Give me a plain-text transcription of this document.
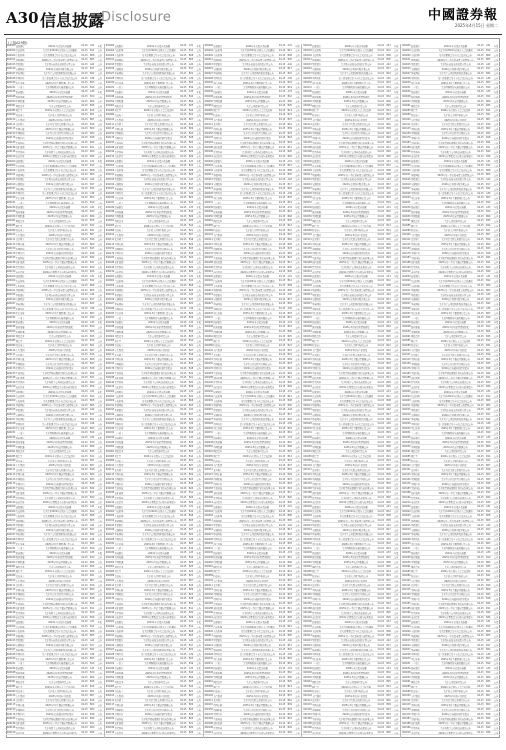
A30 信息披露
Disclosure	中國證券報
2025年4月15日 星期二
(上接A29版)
600000 浦发银行	2024年年度报告及摘要	04-15	A31	年报
600004 白云机场	关于召开2024年度股东大会的通知	04-15	B12	公告
600009 上海机场	第九届董事会第十次会议决议公告	04-15	B08	公告
600011 华能国际	2025年第一季度发电量完成情况公告	04-15	B05	公告
600015 华夏银行	关于股东权益变动的提示性公告	04-15	A42	公告
600019 宝钢股份	2024年度利润分配方案公告	04-15	B17	公告
600027 华电国际	关于为子公司提供担保的进展公告	04-15	B22	公告
600028 中国石化	第八届监事会第十五次会议决议公告	04-15	A36	公告
600030 中信证券	2025年3月主要财务信息公告	04-15	B03	公告
600031 三一重工	关于回购股份实施进展的公告	04-15	B19	公告
600036 招商银行	2024年年度报告摘要	04-15	A33	年报
600048 保利发展	2025年3月份销售情况简报	04-15	B10	公告
600050 中国联通	2025年3月运营数据公告	04-15	B06	公告
600061 国投资本	关于公司债券付息公告	04-15	B25	公告
600085 同仁堂	2024年年度股东大会会议资料	04-15	B14	公告
600089 特变电工	关于重大合同中标的公告	04-15	B21	公告
600104 上汽集团	2025年3月份产销快报	04-15	B07	公告
600111 北方稀土	关于日常关联交易预计的公告	04-15	B16	公告
600115 中国东航	2025年3月主要运营数据公告	04-15	B09	公告
600150 中国船舶	关于签订日常经营合同的公告	04-15	B23	公告
600176 中国巨石	2024年度内部控制评价报告	04-15	B18	公告
600183 生益科技	关于股票期权激励计划行权结果公告	04-15	B24	公告
600188 兖矿能源	2025年第一季度主要运营数据公告	04-15	B11	公告
600196 复星医药	关于控股子公司药品获批的公告	04-15	B20	公告
600219 南山铝业	2024年度募集资金存放与使用报告	04-15	B26	公告
600000 浦发银行	2024年年度报告及摘要	04-15	A31	年报
600004 白云机场	关于召开2024年度股东大会的通知	04-15	B12	公告
600009 上海机场	第九届董事会第十次会议决议公告	04-15	B08	公告
600011 华能国际	2025年第一季度发电量完成情况公告	04-15	B05	公告
600015 华夏银行	关于股东权益变动的提示性公告	04-15	A42	公告
600019 宝钢股份	2024年度利润分配方案公告	04-15	B17	公告
600027 华电国际	关于为子公司提供担保的进展公告	04-15	B22	公告
600028 中国石化	第八届监事会第十五次会议决议公告	04-15	A36	公告
600030 中信证券	2025年3月主要财务信息公告	04-15	B03	公告
600031 三一重工	关于回购股份实施进展的公告	04-15	B19	公告
600036 招商银行	2024年年度报告摘要	04-15	A33	年报
600048 保利发展	2025年3月份销售情况简报	04-15	B10	公告
600050 中国联通	2025年3月运营数据公告	04-15	B06	公告
600061 国投资本	关于公司债券付息公告	04-15	B25	公告
600085 同仁堂	2024年年度股东大会会议资料	04-15	B14	公告
600089 特变电工	关于重大合同中标的公告	04-15	B21	公告
600104 上汽集团	2025年3月份产销快报	04-15	B07	公告
600111 北方稀土	关于日常关联交易预计的公告	04-15	B16	公告
600115 中国东航	2025年3月主要运营数据公告	04-15	B09	公告
600150 中国船舶	关于签订日常经营合同的公告	04-15	B23	公告
600176 中国巨石	2024年度内部控制评价报告	04-15	B18	公告
600183 生益科技	关于股票期权激励计划行权结果公告	04-15	B24	公告
600188 兖矿能源	2025年第一季度主要运营数据公告	04-15	B11	公告
600196 复星医药	关于控股子公司药品获批的公告	04-15	B20	公告
600219 南山铝业	2024年度募集资金存放与使用报告	04-15	B26	公告
600000 浦发银行	2024年年度报告及摘要	04-15	A31	年报
600004 白云机场	关于召开2024年度股东大会的通知	04-15	B12	公告
600009 上海机场	第九届董事会第十次会议决议公告	04-15	B08	公告
600011 华能国际	2025年第一季度发电量完成情况公告	04-15	B05	公告
600015 华夏银行	关于股东权益变动的提示性公告	04-15	A42	公告
600019 宝钢股份	2024年度利润分配方案公告	04-15	B17	公告
600027 华电国际	关于为子公司提供担保的进展公告	04-15	B22	公告
600028 中国石化	第八届监事会第十五次会议决议公告	04-15	A36	公告
600030 中信证券	2025年3月主要财务信息公告	04-15	B03	公告
600031 三一重工	关于回购股份实施进展的公告	04-15	B19	公告
600036 招商银行	2024年年度报告摘要	04-15	A33	年报
600048 保利发展	2025年3月份销售情况简报	04-15	B10	公告
600050 中国联通	2025年3月运营数据公告	04-15	B06	公告
600061 国投资本	关于公司债券付息公告	04-15	B25	公告
600085 同仁堂	2024年年度股东大会会议资料	04-15	B14	公告
600089 特变电工	关于重大合同中标的公告	04-15	B21	公告
600104 上汽集团	2025年3月份产销快报	04-15	B07	公告
600111 北方稀土	关于日常关联交易预计的公告	04-15	B16	公告
600115 中国东航	2025年3月主要运营数据公告	04-15	B09	公告
600150 中国船舶	关于签订日常经营合同的公告	04-15	B23	公告
600176 中国巨石	2024年度内部控制评价报告	04-15	B18	公告
600183 生益科技	关于股票期权激励计划行权结果公告	04-15	B24	公告
600188 兖矿能源	2025年第一季度主要运营数据公告	04-15	B11	公告
600196 复星医药	关于控股子公司药品获批的公告	04-15	B20	公告
600219 南山铝业	2024年度募集资金存放与使用报告	04-15	B26	公告
600000 浦发银行	2024年年度报告及摘要	04-15	A31	年报
600004 白云机场	关于召开2024年度股东大会的通知	04-15	B12	公告
600009 上海机场	第九届董事会第十次会议决议公告	04-15	B08	公告
600011 华能国际	2025年第一季度发电量完成情况公告	04-15	B05	公告
600015 华夏银行	关于股东权益变动的提示性公告	04-15	A42	公告
600019 宝钢股份	2024年度利润分配方案公告	04-15	B17	公告
600027 华电国际	关于为子公司提供担保的进展公告	04-15	B22	公告
600028 中国石化	第八届监事会第十五次会议决议公告	04-15	A36	公告
600030 中信证券	2025年3月主要财务信息公告	04-15	B03	公告
600031 三一重工	关于回购股份实施进展的公告	04-15	B19	公告
600036 招商银行	2024年年度报告摘要	04-15	A33	年报
600048 保利发展	2025年3月份销售情况简报	04-15	B10	公告
600050 中国联通	2025年3月运营数据公告	04-15	B06	公告
600061 国投资本	关于公司债券付息公告	04-15	B25	公告
600085 同仁堂	2024年年度股东大会会议资料	04-15	B14	公告
600089 特变电工	关于重大合同中标的公告	04-15	B21	公告
600104 上汽集团	2025年3月份产销快报	04-15	B07	公告
600111 北方稀土	关于日常关联交易预计的公告	04-15	B16	公告
600115 中国东航	2025年3月主要运营数据公告	04-15	B09	公告
600150 中国船舶	关于签订日常经营合同的公告	04-15	B23	公告
600176 中国巨石	2024年度内部控制评价报告	04-15	B18	公告
600183 生益科技	关于股票期权激励计划行权结果公告	04-15	B24	公告
600188 兖矿能源	2025年第一季度主要运营数据公告	04-15	B11	公告
600196 复星医药	关于控股子公司药品获批的公告	04-15	B20	公告
600219 南山铝业	2024年度募集资金存放与使用报告	04-15	B26	公告
600000 浦发银行	2024年年度报告及摘要	04-15	A31	年报
600004 白云机场	关于召开2024年度股东大会的通知	04-15	B12	公告
600009 上海机场	第九届董事会第十次会议决议公告	04-15	B08	公告
600011 华能国际	2025年第一季度发电量完成情况公告	04-15	B05	公告
600015 华夏银行	关于股东权益变动的提示性公告	04-15	A42	公告
600019 宝钢股份	2024年度利润分配方案公告	04-15	B17	公告
600027 华电国际	关于为子公司提供担保的进展公告	04-15	B22	公告
600028 中国石化	第八届监事会第十五次会议决议公告	04-15	A36	公告
600030 中信证券	2025年3月主要财务信息公告	04-15	B03	公告
600031 三一重工	关于回购股份实施进展的公告	04-15	B19	公告
600036 招商银行	2024年年度报告摘要	04-15	A33	年报
600048 保利发展	2025年3月份销售情况简报	04-15	B10	公告
600050 中国联通	2025年3月运营数据公告	04-15	B06	公告
600061 国投资本	关于公司债券付息公告	04-15	B25	公告
600085 同仁堂	2024年年度股东大会会议资料	04-15	B14	公告
600089 特变电工	关于重大合同中标的公告	04-15	B21	公告
600104 上汽集团	2025年3月份产销快报	04-15	B07	公告
600111 北方稀土	关于日常关联交易预计的公告	04-15	B16	公告
600115 中国东航	2025年3月主要运营数据公告	04-15	B09	公告
600150 中国船舶	关于签订日常经营合同的公告	04-15	B23	公告
600176 中国巨石	2024年度内部控制评价报告	04-15	B18	公告
600183 生益科技	关于股票期权激励计划行权结果公告	04-15	B24	公告
600188 兖矿能源	2025年第一季度主要运营数据公告	04-15	B11	公告
600196 复星医药	关于控股子公司药品获批的公告	04-15	B20	公告
600219 南山铝业	2024年度募集资金存放与使用报告	04-15	B26	公告
600000 浦发银行	2024年年度报告及摘要	04-15	A31	年报
600004 白云机场	关于召开2024年度股东大会的通知	04-15	B12	公告
600009 上海机场	第九届董事会第十次会议决议公告	04-15	B08	公告
600011 华能国际	2025年第一季度发电量完成情况公告	04-15	B05	公告
600015 华夏银行	关于股东权益变动的提示性公告	04-15	A42	公告
600019 宝钢股份	2024年度利润分配方案公告	04-15	B17	公告
600027 华电国际	关于为子公司提供担保的进展公告	04-15	B22	公告
600028 中国石化	第八届监事会第十五次会议决议公告	04-15	A36	公告
600030 中信证券	2025年3月主要财务信息公告	04-15	B03	公告
600031 三一重工	关于回购股份实施进展的公告	04-15	B19	公告
600036 招商银行	2024年年度报告摘要	04-15	A33	年报
600048 保利发展	2025年3月份销售情况简报	04-15	B10	公告
600050 中国联通	2025年3月运营数据公告	04-15	B06	公告
600061 国投资本	关于公司债券付息公告	04-15	B25	公告
600085 同仁堂	2024年年度股东大会会议资料	04-15	B14	公告
600089 特变电工	关于重大合同中标的公告	04-15	B21	公告
600104 上汽集团	2025年3月份产销快报	04-15	B07	公告
600111 北方稀土	关于日常关联交易预计的公告	04-15	B16	公告
600115 中国东航	2025年3月主要运营数据公告	04-15	B09	公告
600150 中国船舶	关于签订日常经营合同的公告	04-15	B23	公告
600176 中国巨石	2024年度内部控制评价报告	04-15	B18	公告
600183 生益科技	关于股票期权激励计划行权结果公告	04-15	B24	公告
600188 兖矿能源	2025年第一季度主要运营数据公告	04-15	B11	公告
600196 复星医药	关于控股子公司药品获批的公告	04-15	B20	公告
600219 南山铝业	2024年度募集资金存放与使用报告	04-15	B26	公告
600000 浦发银行	2024年年度报告及摘要	04-15	A31	年报
600004 白云机场	关于召开2024年度股东大会的通知	04-15	B12	公告
600009 上海机场	第九届董事会第十次会议决议公告	04-15	B08	公告
600011 华能国际	2025年第一季度发电量完成情况公告	04-15	B05	公告
600015 华夏银行	关于股东权益变动的提示性公告	04-15	A42	公告
600019 宝钢股份	2024年度利润分配方案公告	04-15	B17	公告
600027 华电国际	关于为子公司提供担保的进展公告	04-15	B22	公告
600028 中国石化	第八届监事会第十五次会议决议公告	04-15	A36	公告
600030 中信证券	2025年3月主要财务信息公告	04-15	B03	公告
600031 三一重工	关于回购股份实施进展的公告	04-15	B19	公告
600036 招商银行	2024年年度报告摘要	04-15	A33	年报
600048 保利发展	2025年3月份销售情况简报	04-15	B10	公告
600050 中国联通	2025年3月运营数据公告	04-15	B06	公告
600061 国投资本	关于公司债券付息公告	04-15	B25	公告
600085 同仁堂	2024年年度股东大会会议资料	04-15	B14	公告
600089 特变电工	关于重大合同中标的公告	04-15	B21	公告
600104 上汽集团	2025年3月份产销快报	04-15	B07	公告
600111 北方稀土	关于日常关联交易预计的公告	04-15	B16	公告
600115 中国东航	2025年3月主要运营数据公告	04-15	B09	公告
600150 中国船舶	关于签订日常经营合同的公告	04-15	B23	公告
600176 中国巨石	2024年度内部控制评价报告	04-15	B18	公告
600183 生益科技	关于股票期权激励计划行权结果公告	04-15	B24	公告
600188 兖矿能源	2025年第一季度主要运营数据公告	04-15	B11	公告
600196 复星医药	关于控股子公司药品获批的公告	04-15	B20	公告
600219 南山铝业	2024年度募集资金存放与使用报告	04-15	B26	公告
600000 浦发银行	2024年年度报告及摘要	04-15	A31	年报
600004 白云机场	关于召开2024年度股东大会的通知	04-15	B12	公告
600009 上海机场	第九届董事会第十次会议决议公告	04-15	B08	公告
600011 华能国际	2025年第一季度发电量完成情况公告	04-15	B05	公告
600015 华夏银行	关于股东权益变动的提示性公告	04-15	A42	公告
600019 宝钢股份	2024年度利润分配方案公告	04-15	B17	公告
600027 华电国际	关于为子公司提供担保的进展公告	04-15	B22	公告
600028 中国石化	第八届监事会第十五次会议决议公告	04-15	A36	公告
600030 中信证券	2025年3月主要财务信息公告	04-15	B03	公告
600031 三一重工	关于回购股份实施进展的公告	04-15	B19	公告
600036 招商银行	2024年年度报告摘要	04-15	A33	年报
600048 保利发展	2025年3月份销售情况简报	04-15	B10	公告
600050 中国联通	2025年3月运营数据公告	04-15	B06	公告
600061 国投资本	关于公司债券付息公告	04-15	B25	公告
600085 同仁堂	2024年年度股东大会会议资料	04-15	B14	公告
600089 特变电工	关于重大合同中标的公告	04-15	B21	公告
600104 上汽集团	2025年3月份产销快报	04-15	B07	公告
600111 北方稀土	关于日常关联交易预计的公告	04-15	B16	公告
600115 中国东航	2025年3月主要运营数据公告	04-15	B09	公告
600150 中国船舶	关于签订日常经营合同的公告	04-15	B23	公告
600176 中国巨石	2024年度内部控制评价报告	04-15	B18	公告
600183 生益科技	关于股票期权激励计划行权结果公告	04-15	B24	公告
600188 兖矿能源	2025年第一季度主要运营数据公告	04-15	B11	公告
600196 复星医药	关于控股子公司药品获批的公告	04-15	B20	公告
600219 南山铝业	2024年度募集资金存放与使用报告	04-15	B26	公告
600000 浦发银行	2024年年度报告及摘要	04-15	A31	年报
600004 白云机场	关于召开2024年度股东大会的通知	04-15	B12	公告
600009 上海机场	第九届董事会第十次会议决议公告	04-15	B08	公告
600011 华能国际	2025年第一季度发电量完成情况公告	04-15	B05	公告
600015 华夏银行	关于股东权益变动的提示性公告	04-15	A42	公告
600019 宝钢股份	2024年度利润分配方案公告	04-15	B17	公告
600027 华电国际	关于为子公司提供担保的进展公告	04-15	B22	公告
600028 中国石化	第八届监事会第十五次会议决议公告	04-15	A36	公告
600030 中信证券	2025年3月主要财务信息公告	04-15	B03	公告
600031 三一重工	关于回购股份实施进展的公告	04-15	B19	公告
600036 招商银行	2024年年度报告摘要	04-15	A33	年报
600048 保利发展	2025年3月份销售情况简报	04-15	B10	公告
600050 中国联通	2025年3月运营数据公告	04-15	B06	公告
600061 国投资本	关于公司债券付息公告	04-15	B25	公告
600085 同仁堂	2024年年度股东大会会议资料	04-15	B14	公告
600089 特变电工	关于重大合同中标的公告	04-15	B21	公告
600104 上汽集团	2025年3月份产销快报	04-15	B07	公告
600111 北方稀土	关于日常关联交易预计的公告	04-15	B16	公告
600115 中国东航	2025年3月主要运营数据公告	04-15	B09	公告
600150 中国船舶	关于签订日常经营合同的公告	04-15	B23	公告
600176 中国巨石	2024年度内部控制评价报告	04-15	B18	公告
600183 生益科技	关于股票期权激励计划行权结果公告	04-15	B24	公告
600188 兖矿能源	2025年第一季度主要运营数据公告	04-15	B11	公告
600196 复星医药	关于控股子公司药品获批的公告	04-15	B20	公告
600219 南山铝业	2024年度募集资金存放与使用报告	04-15	B26	公告
600000 浦发银行	2024年年度报告及摘要	04-15	A31	年报
600004 白云机场	关于召开2024年度股东大会的通知	04-15	B12	公告
600009 上海机场	第九届董事会第十次会议决议公告	04-15	B08	公告
600011 华能国际	2025年第一季度发电量完成情况公告	04-15	B05	公告
600015 华夏银行	关于股东权益变动的提示性公告	04-15	A42	公告
600019 宝钢股份	2024年度利润分配方案公告	04-15	B17	公告
600027 华电国际	关于为子公司提供担保的进展公告	04-15	B22	公告
600028 中国石化	第八届监事会第十五次会议决议公告	04-15	A36	公告
600030 中信证券	2025年3月主要财务信息公告	04-15	B03	公告
600031 三一重工	关于回购股份实施进展的公告	04-15	B19	公告
600036 招商银行	2024年年度报告摘要	04-15	A33	年报
600048 保利发展	2025年3月份销售情况简报	04-15	B10	公告
600050 中国联通	2025年3月运营数据公告	04-15	B06	公告
600061 国投资本	关于公司债券付息公告	04-15	B25	公告
600085 同仁堂	2024年年度股东大会会议资料	04-15	B14	公告
600089 特变电工	关于重大合同中标的公告	04-15	B21	公告
600104 上汽集团	2025年3月份产销快报	04-15	B07	公告
600111 北方稀土	关于日常关联交易预计的公告	04-15	B16	公告
600115 中国东航	2025年3月主要运营数据公告	04-15	B09	公告
600150 中国船舶	关于签订日常经营合同的公告	04-15	B23	公告
600176 中国巨石	2024年度内部控制评价报告	04-15	B18	公告
600183 生益科技	关于股票期权激励计划行权结果公告	04-15	B24	公告
600188 兖矿能源	2025年第一季度主要运营数据公告	04-15	B11	公告
600196 复星医药	关于控股子公司药品获批的公告	04-15	B20	公告
600219 南山铝业	2024年度募集资金存放与使用报告	04-15	B26	公告
600000 浦发银行	2024年年度报告及摘要	04-15	A31	年报
600004 白云机场	关于召开2024年度股东大会的通知	04-15	B12	公告
600009 上海机场	第九届董事会第十次会议决议公告	04-15	B08	公告
600011 华能国际	2025年第一季度发电量完成情况公告	04-15	B05	公告
600015 华夏银行	关于股东权益变动的提示性公告	04-15	A42	公告
600019 宝钢股份	2024年度利润分配方案公告	04-15	B17	公告
600027 华电国际	关于为子公司提供担保的进展公告	04-15	B22	公告
600028 中国石化	第八届监事会第十五次会议决议公告	04-15	A36	公告
600030 中信证券	2025年3月主要财务信息公告	04-15	B03	公告
600031 三一重工	关于回购股份实施进展的公告	04-15	B19	公告
600036 招商银行	2024年年度报告摘要	04-15	A33	年报
600048 保利发展	2025年3月份销售情况简报	04-15	B10	公告
600050 中国联通	2025年3月运营数据公告	04-15	B06	公告
600061 国投资本	关于公司债券付息公告	04-15	B25	公告
600085 同仁堂	2024年年度股东大会会议资料	04-15	B14	公告
600089 特变电工	关于重大合同中标的公告	04-15	B21	公告
600104 上汽集团	2025年3月份产销快报	04-15	B07	公告
600111 北方稀土	关于日常关联交易预计的公告	04-15	B16	公告
600115 中国东航	2025年3月主要运营数据公告	04-15	B09	公告
600150 中国船舶	关于签订日常经营合同的公告	04-15	B23	公告
600176 中国巨石	2024年度内部控制评价报告	04-15	B18	公告
600183 生益科技	关于股票期权激励计划行权结果公告	04-15	B24	公告
600188 兖矿能源	2025年第一季度主要运营数据公告	04-15	B11	公告
600196 复星医药	关于控股子公司药品获批的公告	04-15	B20	公告
600219 南山铝业	2024年度募集资金存放与使用报告	04-15	B26	公告
600000 浦发银行	2024年年度报告及摘要	04-15	A31	年报
600004 白云机场	关于召开2024年度股东大会的通知	04-15	B12	公告
600009 上海机场	第九届董事会第十次会议决议公告	04-15	B08	公告
600011 华能国际	2025年第一季度发电量完成情况公告	04-15	B05	公告
600015 华夏银行	关于股东权益变动的提示性公告	04-15	A42	公告
600019 宝钢股份	2024年度利润分配方案公告	04-15	B17	公告
600027 华电国际	关于为子公司提供担保的进展公告	04-15	B22	公告
600028 中国石化	第八届监事会第十五次会议决议公告	04-15	A36	公告
600030 中信证券	2025年3月主要财务信息公告	04-15	B03	公告
600031 三一重工	关于回购股份实施进展的公告	04-15	B19	公告
600036 招商银行	2024年年度报告摘要	04-15	A33	年报
600048 保利发展	2025年3月份销售情况简报	04-15	B10	公告
600050 中国联通	2025年3月运营数据公告	04-15	B06	公告
600061 国投资本	关于公司债券付息公告	04-15	B25	公告
600085 同仁堂	2024年年度股东大会会议资料	04-15	B14	公告
600089 特变电工	关于重大合同中标的公告	04-15	B21	公告
600104 上汽集团	2025年3月份产销快报	04-15	B07	公告
600111 北方稀土	关于日常关联交易预计的公告	04-15	B16	公告
600115 中国东航	2025年3月主要运营数据公告	04-15	B09	公告
600150 中国船舶	关于签订日常经营合同的公告	04-15	B23	公告
600176 中国巨石	2024年度内部控制评价报告	04-15	B18	公告
600183 生益科技	关于股票期权激励计划行权结果公告	04-15	B24	公告
600188 兖矿能源	2025年第一季度主要运营数据公告	04-15	B11	公告
600196 复星医药	关于控股子公司药品获批的公告	04-15	B20	公告
600219 南山铝业	2024年度募集资金存放与使用报告	04-15	B26	公告
600000 浦发银行	2024年年度报告及摘要	04-15	A31	年报
600004 白云机场	关于召开2024年度股东大会的通知	04-15	B12	公告
600009 上海机场	第九届董事会第十次会议决议公告	04-15	B08	公告
600011 华能国际	2025年第一季度发电量完成情况公告	04-15	B05	公告
600015 华夏银行	关于股东权益变动的提示性公告	04-15	A42	公告
600019 宝钢股份	2024年度利润分配方案公告	04-15	B17	公告
600027 华电国际	关于为子公司提供担保的进展公告	04-15	B22	公告
600028 中国石化	第八届监事会第十五次会议决议公告	04-15	A36	公告
600030 中信证券	2025年3月主要财务信息公告	04-15	B03	公告
600031 三一重工	关于回购股份实施进展的公告	04-15	B19	公告
600036 招商银行	2024年年度报告摘要	04-15	A33	年报
600048 保利发展	2025年3月份销售情况简报	04-15	B10	公告
600050 中国联通	2025年3月运营数据公告	04-15	B06	公告
600061 国投资本	关于公司债券付息公告	04-15	B25	公告
600085 同仁堂	2024年年度股东大会会议资料	04-15	B14	公告
600089 特变电工	关于重大合同中标的公告	04-15	B21	公告
600104 上汽集团	2025年3月份产销快报	04-15	B07	公告
600111 北方稀土	关于日常关联交易预计的公告	04-15	B16	公告
600115 中国东航	2025年3月主要运营数据公告	04-15	B09	公告
600150 中国船舶	关于签订日常经营合同的公告	04-15	B23	公告
600176 中国巨石	2024年度内部控制评价报告	04-15	B18	公告
600183 生益科技	关于股票期权激励计划行权结果公告	04-15	B24	公告
600188 兖矿能源	2025年第一季度主要运营数据公告	04-15	B11	公告
600196 复星医药	关于控股子公司药品获批的公告	04-15	B20	公告
600219 南山铝业	2024年度募集资金存放与使用报告	04-15	B26	公告
600000 浦发银行	2024年年度报告及摘要	04-15	A31	年报
600004 白云机场	关于召开2024年度股东大会的通知	04-15	B12	公告
600009 上海机场	第九届董事会第十次会议决议公告	04-15	B08	公告
600011 华能国际	2025年第一季度发电量完成情况公告	04-15	B05	公告
600015 华夏银行	关于股东权益变动的提示性公告	04-15	A42	公告
600019 宝钢股份	2024年度利润分配方案公告	04-15	B17	公告
600027 华电国际	关于为子公司提供担保的进展公告	04-15	B22	公告
600028 中国石化	第八届监事会第十五次会议决议公告	04-15	A36	公告
600030 中信证券	2025年3月主要财务信息公告	04-15	B03	公告
600031 三一重工	关于回购股份实施进展的公告	04-15	B19	公告
600036 招商银行	2024年年度报告摘要	04-15	A33	年报
600048 保利发展	2025年3月份销售情况简报	04-15	B10	公告
600050 中国联通	2025年3月运营数据公告	04-15	B06	公告
600061 国投资本	关于公司债券付息公告	04-15	B25	公告
600085 同仁堂	2024年年度股东大会会议资料	04-15	B14	公告
600089 特变电工	关于重大合同中标的公告	04-15	B21	公告
600104 上汽集团	2025年3月份产销快报	04-15	B07	公告
600111 北方稀土	关于日常关联交易预计的公告	04-15	B16	公告
600115 中国东航	2025年3月主要运营数据公告	04-15	B09	公告
600150 中国船舶	关于签订日常经营合同的公告	04-15	B23	公告
600176 中国巨石	2024年度内部控制评价报告	04-15	B18	公告
600183 生益科技	关于股票期权激励计划行权结果公告	04-15	B24	公告
600188 兖矿能源	2025年第一季度主要运营数据公告	04-15	B11	公告
600196 复星医药	关于控股子公司药品获批的公告	04-15	B20	公告
600219 南山铝业	2024年度募集资金存放与使用报告	04-15	B26	公告
600000 浦发银行	2024年年度报告及摘要	04-15	A31	年报
600004 白云机场	关于召开2024年度股东大会的通知	04-15	B12	公告
600009 上海机场	第九届董事会第十次会议决议公告	04-15	B08	公告
600011 华能国际	2025年第一季度发电量完成情况公告	04-15	B05	公告
600015 华夏银行	关于股东权益变动的提示性公告	04-15	A42	公告
600019 宝钢股份	2024年度利润分配方案公告	04-15	B17	公告
600027 华电国际	关于为子公司提供担保的进展公告	04-15	B22	公告
600028 中国石化	第八届监事会第十五次会议决议公告	04-15	A36	公告
600030 中信证券	2025年3月主要财务信息公告	04-15	B03	公告
600031 三一重工	关于回购股份实施进展的公告	04-15	B19	公告
600036 招商银行	2024年年度报告摘要	04-15	A33	年报
600048 保利发展	2025年3月份销售情况简报	04-15	B10	公告
600050 中国联通	2025年3月运营数据公告	04-15	B06	公告
600061 国投资本	关于公司债券付息公告	04-15	B25	公告
600085 同仁堂	2024年年度股东大会会议资料	04-15	B14	公告
600089 特变电工	关于重大合同中标的公告	04-15	B21	公告
600104 上汽集团	2025年3月份产销快报	04-15	B07	公告
600111 北方稀土	关于日常关联交易预计的公告	04-15	B16	公告
600115 中国东航	2025年3月主要运营数据公告	04-15	B09	公告
600150 中国船舶	关于签订日常经营合同的公告	04-15	B23	公告
600176 中国巨石	2024年度内部控制评价报告	04-15	B18	公告
600183 生益科技	关于股票期权激励计划行权结果公告	04-15	B24	公告
600188 兖矿能源	2025年第一季度主要运营数据公告	04-15	B11	公告
600196 复星医药	关于控股子公司药品获批的公告	04-15	B20	公告
600219 南山铝业	2024年度募集资金存放与使用报告	04-15	B26	公告
600000 浦发银行	2024年年度报告及摘要	04-15	A31	年报
600004 白云机场	关于召开2024年度股东大会的通知	04-15	B12	公告
600009 上海机场	第九届董事会第十次会议决议公告	04-15	B08	公告
600011 华能国际	2025年第一季度发电量完成情况公告	04-15	B05	公告
600015 华夏银行	关于股东权益变动的提示性公告	04-15	A42	公告
600019 宝钢股份	2024年度利润分配方案公告	04-15	B17	公告
600027 华电国际	关于为子公司提供担保的进展公告	04-15	B22	公告
600028 中国石化	第八届监事会第十五次会议决议公告	04-15	A36	公告
600030 中信证券	2025年3月主要财务信息公告	04-15	B03	公告
600031 三一重工	关于回购股份实施进展的公告	04-15	B19	公告
600036 招商银行	2024年年度报告摘要	04-15	A33	年报
600048 保利发展	2025年3月份销售情况简报	04-15	B10	公告
600050 中国联通	2025年3月运营数据公告	04-15	B06	公告
600061 国投资本	关于公司债券付息公告	04-15	B25	公告
600085 同仁堂	2024年年度股东大会会议资料	04-15	B14	公告
600089 特变电工	关于重大合同中标的公告	04-15	B21	公告
600104 上汽集团	2025年3月份产销快报	04-15	B07	公告
600111 北方稀土	关于日常关联交易预计的公告	04-15	B16	公告
600115 中国东航	2025年3月主要运营数据公告	04-15	B09	公告
600150 中国船舶	关于签订日常经营合同的公告	04-15	B23	公告
600176 中国巨石	2024年度内部控制评价报告	04-15	B18	公告
600183 生益科技	关于股票期权激励计划行权结果公告	04-15	B24	公告
600188 兖矿能源	2025年第一季度主要运营数据公告	04-15	B11	公告
600196 复星医药	关于控股子公司药品获批的公告	04-15	B20	公告
600219 南山铝业	2024年度募集资金存放与使用报告	04-15	B26	公告
600000 浦发银行	2024年年度报告及摘要	04-15	A31	年报
600004 白云机场	关于召开2024年度股东大会的通知	04-15	B12	公告
600009 上海机场	第九届董事会第十次会议决议公告	04-15	B08	公告
600011 华能国际	2025年第一季度发电量完成情况公告	04-15	B05	公告
600015 华夏银行	关于股东权益变动的提示性公告	04-15	A42	公告
600019 宝钢股份	2024年度利润分配方案公告	04-15	B17	公告
600027 华电国际	关于为子公司提供担保的进展公告	04-15	B22	公告
600028 中国石化	第八届监事会第十五次会议决议公告	04-15	A36	公告
600030 中信证券	2025年3月主要财务信息公告	04-15	B03	公告
600031 三一重工	关于回购股份实施进展的公告	04-15	B19	公告
600036 招商银行	2024年年度报告摘要	04-15	A33	年报
600048 保利发展	2025年3月份销售情况简报	04-15	B10	公告
600050 中国联通	2025年3月运营数据公告	04-15	B06	公告
600061 国投资本	关于公司债券付息公告	04-15	B25	公告
600085 同仁堂	2024年年度股东大会会议资料	04-15	B14	公告
600089 特变电工	关于重大合同中标的公告	04-15	B21	公告
600104 上汽集团	2025年3月份产销快报	04-15	B07	公告
600111 北方稀土	关于日常关联交易预计的公告	04-15	B16	公告
600115 中国东航	2025年3月主要运营数据公告	04-15	B09	公告
600150 中国船舶	关于签订日常经营合同的公告	04-15	B23	公告
600176 中国巨石	2024年度内部控制评价报告	04-15	B18	公告
600183 生益科技	关于股票期权激励计划行权结果公告	04-15	B24	公告
600188 兖矿能源	2025年第一季度主要运营数据公告	04-15	B11	公告
600196 复星医药	关于控股子公司药品获批的公告	04-15	B20	公告
600219 南山铝业	2024年度募集资金存放与使用报告	04-15	B26	公告
600000 浦发银行	2024年年度报告及摘要	04-15	A31	年报
600004 白云机场	关于召开2024年度股东大会的通知	04-15	B12	公告
600009 上海机场	第九届董事会第十次会议决议公告	04-15	B08	公告
600011 华能国际	2025年第一季度发电量完成情况公告	04-15	B05	公告
600015 华夏银行	关于股东权益变动的提示性公告	04-15	A42	公告
600019 宝钢股份	2024年度利润分配方案公告	04-15	B17	公告
600027 华电国际	关于为子公司提供担保的进展公告	04-15	B22	公告
600028 中国石化	第八届监事会第十五次会议决议公告	04-15	A36	公告
600030 中信证券	2025年3月主要财务信息公告	04-15	B03	公告
600031 三一重工	关于回购股份实施进展的公告	04-15	B19	公告
600036 招商银行	2024年年度报告摘要	04-15	A33	年报
600048 保利发展	2025年3月份销售情况简报	04-15	B10	公告
600050 中国联通	2025年3月运营数据公告	04-15	B06	公告
600061 国投资本	关于公司债券付息公告	04-15	B25	公告
600085 同仁堂	2024年年度股东大会会议资料	04-15	B14	公告
600089 特变电工	关于重大合同中标的公告	04-15	B21	公告
600104 上汽集团	2025年3月份产销快报	04-15	B07	公告
600111 北方稀土	关于日常关联交易预计的公告	04-15	B16	公告
600115 中国东航	2025年3月主要运营数据公告	04-15	B09	公告
600150 中国船舶	关于签订日常经营合同的公告	04-15	B23	公告
600176 中国巨石	2024年度内部控制评价报告	04-15	B18	公告
600183 生益科技	关于股票期权激励计划行权结果公告	04-15	B24	公告
600188 兖矿能源	2025年第一季度主要运营数据公告	04-15	B11	公告
600196 复星医药	关于控股子公司药品获批的公告	04-15	B20	公告
600219 南山铝业	2024年度募集资金存放与使用报告	04-15	B26	公告
600000 浦发银行	2024年年度报告及摘要	04-15	A31	年报
600004 白云机场	关于召开2024年度股东大会的通知	04-15	B12	公告
600009 上海机场	第九届董事会第十次会议决议公告	04-15	B08	公告
600011 华能国际	2025年第一季度发电量完成情况公告	04-15	B05	公告
600015 华夏银行	关于股东权益变动的提示性公告	04-15	A42	公告
600019 宝钢股份	2024年度利润分配方案公告	04-15	B17	公告
600027 华电国际	关于为子公司提供担保的进展公告	04-15	B22	公告
600028 中国石化	第八届监事会第十五次会议决议公告	04-15	A36	公告
600030 中信证券	2025年3月主要财务信息公告	04-15	B03	公告
600031 三一重工	关于回购股份实施进展的公告	04-15	B19	公告
600036 招商银行	2024年年度报告摘要	04-15	A33	年报
600048 保利发展	2025年3月份销售情况简报	04-15	B10	公告
600050 中国联通	2025年3月运营数据公告	04-15	B06	公告
600061 国投资本	关于公司债券付息公告	04-15	B25	公告
600085 同仁堂	2024年年度股东大会会议资料	04-15	B14	公告
600089 特变电工	关于重大合同中标的公告	04-15	B21	公告
600104 上汽集团	2025年3月份产销快报	04-15	B07	公告
600111 北方稀土	关于日常关联交易预计的公告	04-15	B16	公告
600115 中国东航	2025年3月主要运营数据公告	04-15	B09	公告
600150 中国船舶	关于签订日常经营合同的公告	04-15	B23	公告
600176 中国巨石	2024年度内部控制评价报告	04-15	B18	公告
600183 生益科技	关于股票期权激励计划行权结果公告	04-15	B24	公告
600188 兖矿能源	2025年第一季度主要运营数据公告	04-15	B11	公告
600196 复星医药	关于控股子公司药品获批的公告	04-15	B20	公告
600219 南山铝业	2024年度募集资金存放与使用报告	04-15	B26	公告
600000 浦发银行	2024年年度报告及摘要	04-15	A31	年报
600004 白云机场	关于召开2024年度股东大会的通知	04-15	B12	公告
600009 上海机场	第九届董事会第十次会议决议公告	04-15	B08	公告
600011 华能国际	2025年第一季度发电量完成情况公告	04-15	B05	公告
600015 华夏银行	关于股东权益变动的提示性公告	04-15	A42	公告
600019 宝钢股份	2024年度利润分配方案公告	04-15	B17	公告
600027 华电国际	关于为子公司提供担保的进展公告	04-15	B22	公告
600028 中国石化	第八届监事会第十五次会议决议公告	04-15	A36	公告
600030 中信证券	2025年3月主要财务信息公告	04-15	B03	公告
600031 三一重工	关于回购股份实施进展的公告	04-15	B19	公告
600036 招商银行	2024年年度报告摘要	04-15	A33	年报
600048 保利发展	2025年3月份销售情况简报	04-15	B10	公告
600050 中国联通	2025年3月运营数据公告	04-15	B06	公告
600061 国投资本	关于公司债券付息公告	04-15	B25	公告
600085 同仁堂	2024年年度股东大会会议资料	04-15	B14	公告
600089 特变电工	关于重大合同中标的公告	04-15	B21	公告
600104 上汽集团	2025年3月份产销快报	04-15	B07	公告
600111 北方稀土	关于日常关联交易预计的公告	04-15	B16	公告
600115 中国东航	2025年3月主要运营数据公告	04-15	B09	公告
600150 中国船舶	关于签订日常经营合同的公告	04-15	B23	公告
600176 中国巨石	2024年度内部控制评价报告	04-15	B18	公告
600183 生益科技	关于股票期权激励计划行权结果公告	04-15	B24	公告
600188 兖矿能源	2025年第一季度主要运营数据公告	04-15	B11	公告
600196 复星医药	关于控股子公司药品获批的公告	04-15	B20	公告
600219 南山铝业	2024年度募集资金存放与使用报告	04-15	B26	公告
600000 浦发银行	2024年年度报告及摘要	04-15	A31	年报
600004 白云机场	关于召开2024年度股东大会的通知	04-15	B12	公告
600009 上海机场	第九届董事会第十次会议决议公告	04-15	B08	公告
600011 华能国际	2025年第一季度发电量完成情况公告	04-15	B05	公告
600015 华夏银行	关于股东权益变动的提示性公告	04-15	A42	公告
600019 宝钢股份	2024年度利润分配方案公告	04-15	B17	公告
600027 华电国际	关于为子公司提供担保的进展公告	04-15	B22	公告
600028 中国石化	第八届监事会第十五次会议决议公告	04-15	A36	公告
600030 中信证券	2025年3月主要财务信息公告	04-15	B03	公告
600031 三一重工	关于回购股份实施进展的公告	04-15	B19	公告
600036 招商银行	2024年年度报告摘要	04-15	A33	年报
600048 保利发展	2025年3月份销售情况简报	04-15	B10	公告
600050 中国联通	2025年3月运营数据公告	04-15	B06	公告
600061 国投资本	关于公司债券付息公告	04-15	B25	公告
600085 同仁堂	2024年年度股东大会会议资料	04-15	B14	公告
600089 特变电工	关于重大合同中标的公告	04-15	B21	公告
600104 上汽集团	2025年3月份产销快报	04-15	B07	公告
600111 北方稀土	关于日常关联交易预计的公告	04-15	B16	公告
600115 中国东航	2025年3月主要运营数据公告	04-15	B09	公告
600150 中国船舶	关于签订日常经营合同的公告	04-15	B23	公告
600176 中国巨石	2024年度内部控制评价报告	04-15	B18	公告
600183 生益科技	关于股票期权激励计划行权结果公告	04-15	B24	公告
600188 兖矿能源	2025年第一季度主要运营数据公告	04-15	B11	公告
600196 复星医药	关于控股子公司药品获批的公告	04-15	B20	公告
600219 南山铝业	2024年度募集资金存放与使用报告	04-15	B26	公告
600000 浦发银行	2024年年度报告及摘要	04-15	A31	年报
600004 白云机场	关于召开2024年度股东大会的通知	04-15	B12	公告
600009 上海机场	第九届董事会第十次会议决议公告	04-15	B08	公告
600011 华能国际	2025年第一季度发电量完成情况公告	04-15	B05	公告
600015 华夏银行	关于股东权益变动的提示性公告	04-15	A42	公告
600019 宝钢股份	2024年度利润分配方案公告	04-15	B17	公告
600027 华电国际	关于为子公司提供担保的进展公告	04-15	B22	公告
600028 中国石化	第八届监事会第十五次会议决议公告	04-15	A36	公告
600030 中信证券	2025年3月主要财务信息公告	04-15	B03	公告
600031 三一重工	关于回购股份实施进展的公告	04-15	B19	公告
600036 招商银行	2024年年度报告摘要	04-15	A33	年报
600048 保利发展	2025年3月份销售情况简报	04-15	B10	公告
600050 中国联通	2025年3月运营数据公告	04-15	B06	公告
600061 国投资本	关于公司债券付息公告	04-15	B25	公告
600085 同仁堂	2024年年度股东大会会议资料	04-15	B14	公告
600089 特变电工	关于重大合同中标的公告	04-15	B21	公告
600104 上汽集团	2025年3月份产销快报	04-15	B07	公告
600111 北方稀土	关于日常关联交易预计的公告	04-15	B16	公告
600115 中国东航	2025年3月主要运营数据公告	04-15	B09	公告
600150 中国船舶	关于签订日常经营合同的公告	04-15	B23	公告
600176 中国巨石	2024年度内部控制评价报告	04-15	B18	公告
600183 生益科技	关于股票期权激励计划行权结果公告	04-15	B24	公告
600188 兖矿能源	2025年第一季度主要运营数据公告	04-15	B11	公告
600196 复星医药	关于控股子公司药品获批的公告	04-15	B20	公告
600219 南山铝业	2024年度募集资金存放与使用报告	04-15	B26	公告
600000 浦发银行	2024年年度报告及摘要	04-15	A31	年报
600004 白云机场	关于召开2024年度股东大会的通知	04-15	B12	公告
600009 上海机场	第九届董事会第十次会议决议公告	04-15	B08	公告
600011 华能国际	2025年第一季度发电量完成情况公告	04-15	B05	公告
600015 华夏银行	关于股东权益变动的提示性公告	04-15	A42	公告
600019 宝钢股份	2024年度利润分配方案公告	04-15	B17	公告
600027 华电国际	关于为子公司提供担保的进展公告	04-15	B22	公告
600028 中国石化	第八届监事会第十五次会议决议公告	04-15	A36	公告
600030 中信证券	2025年3月主要财务信息公告	04-15	B03	公告
600031 三一重工	关于回购股份实施进展的公告	04-15	B19	公告
600036 招商银行	2024年年度报告摘要	04-15	A33	年报
600048 保利发展	2025年3月份销售情况简报	04-15	B10	公告
600050 中国联通	2025年3月运营数据公告	04-15	B06	公告
600061 国投资本	关于公司债券付息公告	04-15	B25	公告
600085 同仁堂	2024年年度股东大会会议资料	04-15	B14	公告
600089 特变电工	关于重大合同中标的公告	04-15	B21	公告
600104 上汽集团	2025年3月份产销快报	04-15	B07	公告
600111 北方稀土	关于日常关联交易预计的公告	04-15	B16	公告
600115 中国东航	2025年3月主要运营数据公告	04-15	B09	公告
600150 中国船舶	关于签订日常经营合同的公告	04-15	B23	公告
600176 中国巨石	2024年度内部控制评价报告	04-15	B18	公告
600183 生益科技	关于股票期权激励计划行权结果公告	04-15	B24	公告
600188 兖矿能源	2025年第一季度主要运营数据公告	04-15	B11	公告
600196 复星医药	关于控股子公司药品获批的公告	04-15	B20	公告
600219 南山铝业	2024年度募集资金存放与使用报告	04-15	B26	公告
600000 浦发银行	2024年年度报告及摘要	04-15	A31	年报
600004 白云机场	关于召开2024年度股东大会的通知	04-15	B12	公告
600009 上海机场	第九届董事会第十次会议决议公告	04-15	B08	公告
600011 华能国际	2025年第一季度发电量完成情况公告	04-15	B05	公告
600015 华夏银行	关于股东权益变动的提示性公告	04-15	A42	公告
600019 宝钢股份	2024年度利润分配方案公告	04-15	B17	公告
600027 华电国际	关于为子公司提供担保的进展公告	04-15	B22	公告
600028 中国石化	第八届监事会第十五次会议决议公告	04-15	A36	公告
600030 中信证券	2025年3月主要财务信息公告	04-15	B03	公告
600031 三一重工	关于回购股份实施进展的公告	04-15	B19	公告
600036 招商银行	2024年年度报告摘要	04-15	A33	年报
600048 保利发展	2025年3月份销售情况简报	04-15	B10	公告
600050 中国联通	2025年3月运营数据公告	04-15	B06	公告
600061 国投资本	关于公司债券付息公告	04-15	B25	公告
600085 同仁堂	2024年年度股东大会会议资料	04-15	B14	公告
600089 特变电工	关于重大合同中标的公告	04-15	B21	公告
600104 上汽集团	2025年3月份产销快报	04-15	B07	公告
600111 北方稀土	关于日常关联交易预计的公告	04-15	B16	公告
600115 中国东航	2025年3月主要运营数据公告	04-15	B09	公告
600150 中国船舶	关于签订日常经营合同的公告	04-15	B23	公告
600176 中国巨石	2024年度内部控制评价报告	04-15	B18	公告
600183 生益科技	关于股票期权激励计划行权结果公告	04-15	B24	公告
600188 兖矿能源	2025年第一季度主要运营数据公告	04-15	B11	公告
600196 复星医药	关于控股子公司药品获批的公告	04-15	B20	公告
600219 南山铝业	2024年度募集资金存放与使用报告	04-15	B26	公告
600000 浦发银行	2024年年度报告及摘要	04-15	A31	年报
600004 白云机场	关于召开2024年度股东大会的通知	04-15	B12	公告
600009 上海机场	第九届董事会第十次会议决议公告	04-15	B08	公告
600011 华能国际	2025年第一季度发电量完成情况公告	04-15	B05	公告
600015 华夏银行	关于股东权益变动的提示性公告	04-15	A42	公告
600019 宝钢股份	2024年度利润分配方案公告	04-15	B17	公告
600027 华电国际	关于为子公司提供担保的进展公告	04-15	B22	公告
600028 中国石化	第八届监事会第十五次会议决议公告	04-15	A36	公告
600030 中信证券	2025年3月主要财务信息公告	04-15	B03	公告
600031 三一重工	关于回购股份实施进展的公告	04-15	B19	公告
600036 招商银行	2024年年度报告摘要	04-15	A33	年报
600048 保利发展	2025年3月份销售情况简报	04-15	B10	公告
600050 中国联通	2025年3月运营数据公告	04-15	B06	公告
600061 国投资本	关于公司债券付息公告	04-15	B25	公告
600085 同仁堂	2024年年度股东大会会议资料	04-15	B14	公告
600089 特变电工	关于重大合同中标的公告	04-15	B21	公告
600104 上汽集团	2025年3月份产销快报	04-15	B07	公告
600111 北方稀土	关于日常关联交易预计的公告	04-15	B16	公告
600115 中国东航	2025年3月主要运营数据公告	04-15	B09	公告
600150 中国船舶	关于签订日常经营合同的公告	04-15	B23	公告
600176 中国巨石	2024年度内部控制评价报告	04-15	B18	公告
600183 生益科技	关于股票期权激励计划行权结果公告	04-15	B24	公告
600188 兖矿能源	2025年第一季度主要运营数据公告	04-15	B11	公告
600196 复星医药	关于控股子公司药品获批的公告	04-15	B20	公告
600219 南山铝业	2024年度募集资金存放与使用报告	04-15	B26	公告
600000 浦发银行	2024年年度报告及摘要	04-15	A31	年报
600004 白云机场	关于召开2024年度股东大会的通知	04-15	B12	公告
600009 上海机场	第九届董事会第十次会议决议公告	04-15	B08	公告
600011 华能国际	2025年第一季度发电量完成情况公告	04-15	B05	公告
600015 华夏银行	关于股东权益变动的提示性公告	04-15	A42	公告
600019 宝钢股份	2024年度利润分配方案公告	04-15	B17	公告
600027 华电国际	关于为子公司提供担保的进展公告	04-15	B22	公告
600028 中国石化	第八届监事会第十五次会议决议公告	04-15	A36	公告
600030 中信证券	2025年3月主要财务信息公告	04-15	B03	公告
600031 三一重工	关于回购股份实施进展的公告	04-15	B19	公告
600036 招商银行	2024年年度报告摘要	04-15	A33	年报
600048 保利发展	2025年3月份销售情况简报	04-15	B10	公告
600050 中国联通	2025年3月运营数据公告	04-15	B06	公告
600061 国投资本	关于公司债券付息公告	04-15	B25	公告
600085 同仁堂	2024年年度股东大会会议资料	04-15	B14	公告
600089 特变电工	关于重大合同中标的公告	04-15	B21	公告
600104 上汽集团	2025年3月份产销快报	04-15	B07	公告
600111 北方稀土	关于日常关联交易预计的公告	04-15	B16	公告
600115 中国东航	2025年3月主要运营数据公告	04-15	B09	公告
600150 中国船舶	关于签订日常经营合同的公告	04-15	B23	公告
600176 中国巨石	2024年度内部控制评价报告	04-15	B18	公告
600183 生益科技	关于股票期权激励计划行权结果公告	04-15	B24	公告
600188 兖矿能源	2025年第一季度主要运营数据公告	04-15	B11	公告
600196 复星医药	关于控股子公司药品获批的公告	04-15	B20	公告
600219 南山铝业	2024年度募集资金存放与使用报告	04-15	B26	公告
600000 浦发银行	2024年年度报告及摘要	04-15	A31	年报
600004 白云机场	关于召开2024年度股东大会的通知	04-15	B12	公告
600009 上海机场	第九届董事会第十次会议决议公告	04-15	B08	公告
600011 华能国际	2025年第一季度发电量完成情况公告	04-15	B05	公告
600015 华夏银行	关于股东权益变动的提示性公告	04-15	A42	公告
600019 宝钢股份	2024年度利润分配方案公告	04-15	B17	公告
600027 华电国际	关于为子公司提供担保的进展公告	04-15	B22	公告
600028 中国石化	第八届监事会第十五次会议决议公告	04-15	A36	公告
600030 中信证券	2025年3月主要财务信息公告	04-15	B03	公告
600031 三一重工	关于回购股份实施进展的公告	04-15	B19	公告
600036 招商银行	2024年年度报告摘要	04-15	A33	年报
600048 保利发展	2025年3月份销售情况简报	04-15	B10	公告
600050 中国联通	2025年3月运营数据公告	04-15	B06	公告
600061 国投资本	关于公司债券付息公告	04-15	B25	公告
600085 同仁堂	2024年年度股东大会会议资料	04-15	B14	公告
600089 特变电工	关于重大合同中标的公告	04-15	B21	公告
600104 上汽集团	2025年3月份产销快报	04-15	B07	公告
600111 北方稀土	关于日常关联交易预计的公告	04-15	B16	公告
600115 中国东航	2025年3月主要运营数据公告	04-15	B09	公告
600150 中国船舶	关于签订日常经营合同的公告	04-15	B23	公告
600176 中国巨石	2024年度内部控制评价报告	04-15	B18	公告
600183 生益科技	关于股票期权激励计划行权结果公告	04-15	B24	公告
600188 兖矿能源	2025年第一季度主要运营数据公告	04-15	B11	公告
600196 复星医药	关于控股子公司药品获批的公告	04-15	B20	公告
600219 南山铝业	2024年度募集资金存放与使用报告	04-15	B26	公告
600000 浦发银行	2024年年度报告及摘要	04-15	A31	年报
600004 白云机场	关于召开2024年度股东大会的通知	04-15	B12	公告
600009 上海机场	第九届董事会第十次会议决议公告	04-15	B08	公告
600011 华能国际	2025年第一季度发电量完成情况公告	04-15	B05	公告
600015 华夏银行	关于股东权益变动的提示性公告	04-15	A42	公告
600019 宝钢股份	2024年度利润分配方案公告	04-15	B17	公告
600027 华电国际	关于为子公司提供担保的进展公告	04-15	B22	公告
600028 中国石化	第八届监事会第十五次会议决议公告	04-15	A36	公告
600030 中信证券	2025年3月主要财务信息公告	04-15	B03	公告
600031 三一重工	关于回购股份实施进展的公告	04-15	B19	公告
600036 招商银行	2024年年度报告摘要	04-15	A33	年报
600048 保利发展	2025年3月份销售情况简报	04-15	B10	公告
600050 中国联通	2025年3月运营数据公告	04-15	B06	公告
600061 国投资本	关于公司债券付息公告	04-15	B25	公告
600085 同仁堂	2024年年度股东大会会议资料	04-15	B14	公告
600089 特变电工	关于重大合同中标的公告	04-15	B21	公告
600104 上汽集团	2025年3月份产销快报	04-15	B07	公告
600111 北方稀土	关于日常关联交易预计的公告	04-15	B16	公告
600115 中国东航	2025年3月主要运营数据公告	04-15	B09	公告
600150 中国船舶	关于签订日常经营合同的公告	04-15	B23	公告
600176 中国巨石	2024年度内部控制评价报告	04-15	B18	公告
600183 生益科技	关于股票期权激励计划行权结果公告	04-15	B24	公告
600188 兖矿能源	2025年第一季度主要运营数据公告	04-15	B11	公告
600196 复星医药	关于控股子公司药品获批的公告	04-15	B20	公告
600219 南山铝业	2024年度募集资金存放与使用报告	04-15	B26	公告
600000 浦发银行	2024年年度报告及摘要	04-15	A31	年报
600004 白云机场	关于召开2024年度股东大会的通知	04-15	B12	公告
600009 上海机场	第九届董事会第十次会议决议公告	04-15	B08	公告
600011 华能国际	2025年第一季度发电量完成情况公告	04-15	B05	公告
600015 华夏银行	关于股东权益变动的提示性公告	04-15	A42	公告
600019 宝钢股份	2024年度利润分配方案公告	04-15	B17	公告
600027 华电国际	关于为子公司提供担保的进展公告	04-15	B22	公告
600028 中国石化	第八届监事会第十五次会议决议公告	04-15	A36	公告
600030 中信证券	2025年3月主要财务信息公告	04-15	B03	公告
600031 三一重工	关于回购股份实施进展的公告	04-15	B19	公告
600036 招商银行	2024年年度报告摘要	04-15	A33	年报
600048 保利发展	2025年3月份销售情况简报	04-15	B10	公告
600050 中国联通	2025年3月运营数据公告	04-15	B06	公告
600061 国投资本	关于公司债券付息公告	04-15	B25	公告
600085 同仁堂	2024年年度股东大会会议资料	04-15	B14	公告
600089 特变电工	关于重大合同中标的公告	04-15	B21	公告
600104 上汽集团	2025年3月份产销快报	04-15	B07	公告
600111 北方稀土	关于日常关联交易预计的公告	04-15	B16	公告
600115 中国东航	2025年3月主要运营数据公告	04-15	B09	公告
600150 中国船舶	关于签订日常经营合同的公告	04-15	B23	公告
600176 中国巨石	2024年度内部控制评价报告	04-15	B18	公告
600183 生益科技	关于股票期权激励计划行权结果公告	04-15	B24	公告
600188 兖矿能源	2025年第一季度主要运营数据公告	04-15	B11	公告
600196 复星医药	关于控股子公司药品获批的公告	04-15	B20	公告
600219 南山铝业	2024年度募集资金存放与使用报告	04-15	B26	公告
600000 浦发银行	2024年年度报告及摘要	04-15	A31	年报
600004 白云机场	关于召开2024年度股东大会的通知	04-15	B12	公告
600009 上海机场	第九届董事会第十次会议决议公告	04-15	B08	公告
600011 华能国际	2025年第一季度发电量完成情况公告	04-15	B05	公告
600015 华夏银行	关于股东权益变动的提示性公告	04-15	A42	公告
600019 宝钢股份	2024年度利润分配方案公告	04-15	B17	公告
600027 华电国际	关于为子公司提供担保的进展公告	04-15	B22	公告
600028 中国石化	第八届监事会第十五次会议决议公告	04-15	A36	公告
600030 中信证券	2025年3月主要财务信息公告	04-15	B03	公告
600031 三一重工	关于回购股份实施进展的公告	04-15	B19	公告
600036 招商银行	2024年年度报告摘要	04-15	A33	年报
600048 保利发展	2025年3月份销售情况简报	04-15	B10	公告
600050 中国联通	2025年3月运营数据公告	04-15	B06	公告
600061 国投资本	关于公司债券付息公告	04-15	B25	公告
600085 同仁堂	2024年年度股东大会会议资料	04-15	B14	公告
600089 特变电工	关于重大合同中标的公告	04-15	B21	公告
600104 上汽集团	2025年3月份产销快报	04-15	B07	公告
600111 北方稀土	关于日常关联交易预计的公告	04-15	B16	公告
600115 中国东航	2025年3月主要运营数据公告	04-15	B09	公告
600150 中国船舶	关于签订日常经营合同的公告	04-15	B23	公告
600176 中国巨石	2024年度内部控制评价报告	04-15	B18	公告
600183 生益科技	关于股票期权激励计划行权结果公告	04-15	B24	公告
600188 兖矿能源	2025年第一季度主要运营数据公告	04-15	B11	公告
600196 复星医药	关于控股子公司药品获批的公告	04-15	B20	公告
600219 南山铝业	2024年度募集资金存放与使用报告	04-15	B26	公告
